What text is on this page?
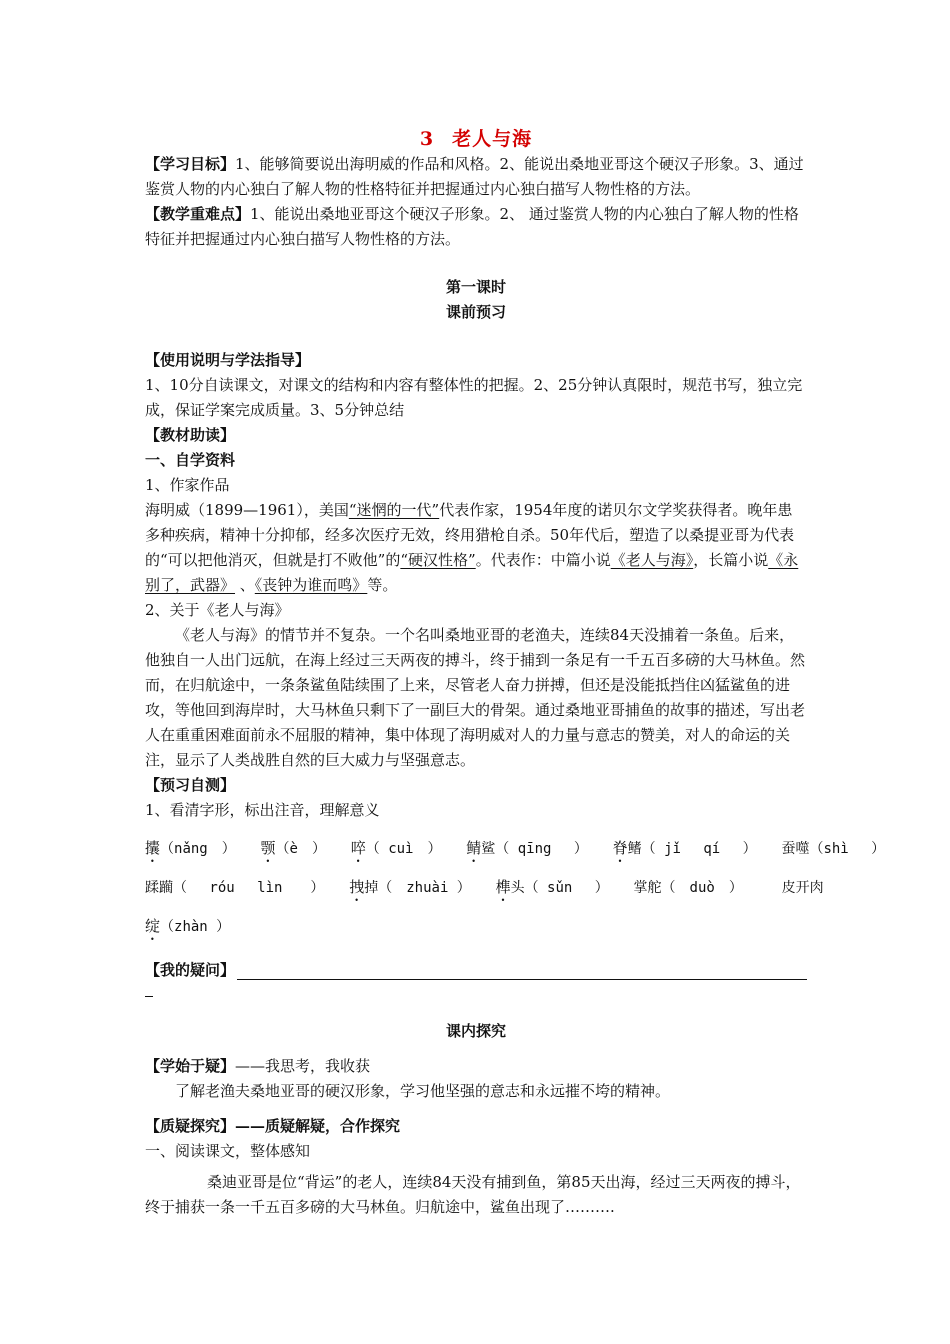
3 老人与海

【学习目标】1、能够简要说出海明威的作品和风格。2、能说出桑地亚哥这个硬汉子形象。3、通过鉴赏人物的内心独白了解人物的性格特征并把握通过内心独白描写人物性格的方法。

【教学重难点】1、能说出桑地亚哥这个硬汉子形象。2、 通过鉴赏人物的内心独白了解人物的性格特征并把握通过内心独白描写人物性格的方法。

第一课时

课前预习

【使用说明与学法指导】

1、10分自读课文，对课文的结构和内容有整体性的把握。2、25分钟认真限时，规范书写，独立完成，保证学案完成质量。3、5分钟总结

【教材助读】

一、自学资料

1、作家作品

海明威（1899—1961），美国“迷惘的一代”代表作家，1954年度的诺贝尔文学奖获得者。晚年患多种疾病，精神十分抑郁，经多次医疗无效，终用猎枪自杀。50年代后，塑造了以桑提亚哥为代表的“可以把他消灭，但就是打不败他”的“硬汉性格”。代表作：中篇小说《老人与海》，长篇小说《永别了，武器》 、《丧钟为谁而鸣》等。

2、关于《老人与海》

《老人与海》的情节并不复杂。一个名叫桑地亚哥的老渔夫，连续84天没捕着一条鱼。后来，他独自一人出门远航，在海上经过三天两夜的搏斗，终于捕到一条足有一千五百多磅的大马林鱼。然而，在归航途中，一条条鲨鱼陆续围了上来，尽管老人奋力拼搏，但还是没能抵挡住凶猛鲨鱼的进攻，等他回到海岸时，大马林鱼只剩下了一副巨大的骨架。通过桑地亚哥捕鱼的故事的描述，写出老人在重重困难面前永不屈服的精神，集中体现了海明威对人的力量与意志的赞美，对人的命运的关注，显示了人类战胜自然的巨大威力与坚强意志。

【预习自测】

1、看清字形，标出注音，理解意义

攮（nǎng　） 颚（è　） 啐（ cuì　） 鲭鲨（ qīng　 ） 脊鳍（ jǐ　 qí　 ） 蚕噬（shì　 ）
蹂躏（　 róu　 lìn　　） 拽掉（　zhuài ） 榫头（ sǔn　 ） 掌舵（　duò　） 　皮开肉
绽（zhàn ）
【我的疑问】

课内探究

【学始于疑】——我思考，我收获

了解老渔夫桑地亚哥的硬汉形象，学习他坚强的意志和永远摧不垮的精神。

【质疑探究】——质疑解疑，合作探究

一、阅读课文，整体感知

桑迪亚哥是位“背运”的老人，连续84天没有捕到鱼，第85天出海，经过三天两夜的搏斗，终于捕获一条一千五百多磅的大马林鱼。归航途中，鲨鱼出现了……….
